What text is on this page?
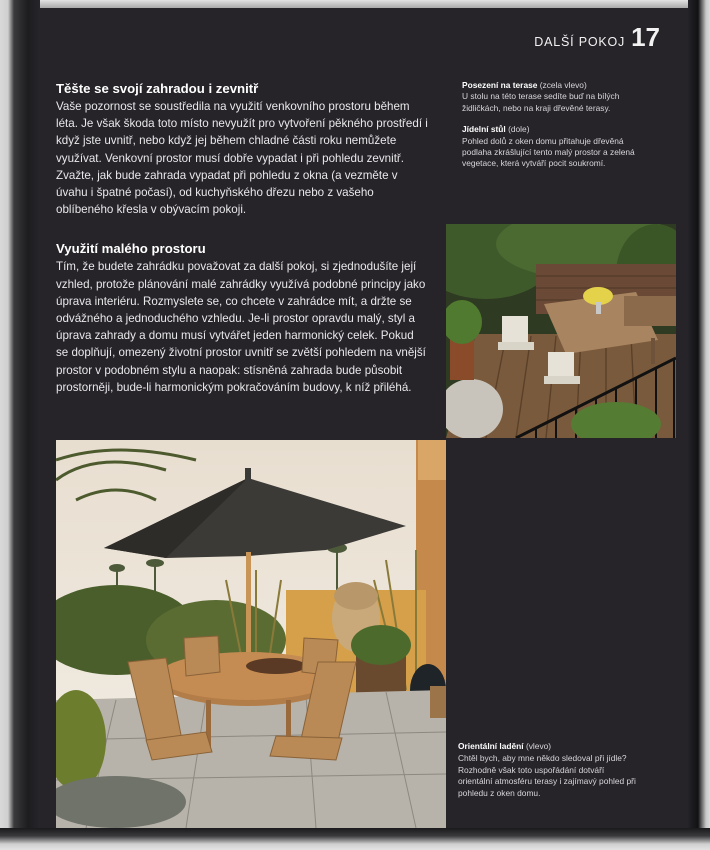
DALŠÍ POKOJ 17
Těšte se svojí zahradou i zevnitř

Vaše pozornost se soustředila na využití venkovního prostoru během léta. Je však škoda toto místo nevyužít pro vytvoření pěkného prostředí i když jste uvnitř, nebo když jej během chladné části roku nemůžete využívat. Venkovní prostor musí dobře vypadat i při pohledu zevnitř. Zvažte, jak bude zahrada vypadat při pohledu z okna (a vezměte v úvahu i špatné počasí), od kuchyňského dřezu nebo z vašeho oblíbeného křesla v obývacím pokoji.

Využití malého prostoru

Tím, že budete zahrádku považovat za další pokoj, si zjednodušíte její vzhled, protože plánování malé zahrádky využívá podobné principy jako úprava interiéru. Rozmyslete se, co chcete v zahrádce mít, a držte se odvážného a jednoduchého vzhledu. Je-li prostor opravdu malý, styl a úprava zahrady a domu musí vytvářet jeden harmonický celek. Pokud se doplňují, omezený životní prostor uvnitř se zvětší pohledem na vnější prostor v podobném stylu a naopak: stísněná zahrada bude působit prostorněji, bude-li harmonickým pokračováním budovy, k níž přiléhá.

Posezení na terase (zcela vlevo)
U stolu na této terase sedíte buď na bílých židličkách, nebo na kraji dřevěné terasy.

Jídelní stůl (dole)
Pohled dolů z oken domu přitahuje dřevěná podlaha zkrášlující tento malý prostor a zelená vegetace, která vytváří pocit soukromí.

Orientální ladění (vlevo)
Chtěl bych, aby mne někdo sledoval při jídle? Rozhodně však toto uspořádání dotváří orientální atmosféru terasy i zajímavý pohled při pohledu z oken domu.
